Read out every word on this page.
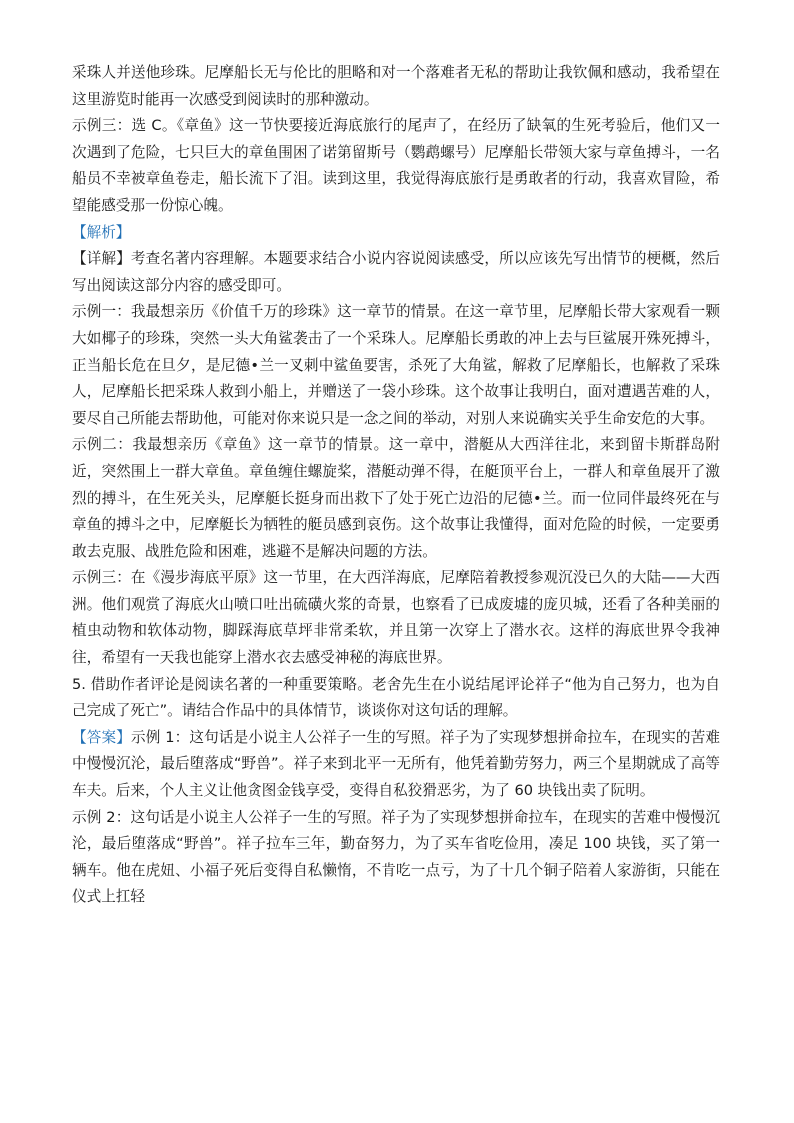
采珠人并送他珍珠。尼摩船长无与伦比的胆略和对一个落难者无私的帮助让我钦佩和感动，我希望在这里游览时能再一次感受到阅读时的那种激动。

示例三：选 C。《章鱼》这一节快要接近海底旅行的尾声了，在经历了缺氧的生死考验后，他们又一次遇到了危险，七只巨大的章鱼围困了诺第留斯号（鹦鹉螺号）尼摩船长带领大家与章鱼搏斗，一名船员不幸被章鱼卷走，船长流下了泪。读到这里，我觉得海底旅行是勇敢者的行动，我喜欢冒险，希望能感受那一份惊心魄。

【解析】

【详解】考查名著内容理解。本题要求结合小说内容说阅读感受，所以应该先写出情节的梗概，然后写出阅读这部分内容的感受即可。

示例一：我最想亲历《价值千万的珍珠》这一章节的情景。在这一章节里，尼摩船长带大家观看一颗大如椰子的珍珠，突然一头大角鲨袭击了一个采珠人。尼摩船长勇敢的冲上去与巨鲨展开殊死搏斗，正当船长危在旦夕，是尼德•兰一叉刺中鲨鱼要害，杀死了大角鲨，解救了尼摩船长，也解救了采珠人，尼摩船长把采珠人救到小船上，并赠送了一袋小珍珠。这个故事让我明白，面对遭遇苦难的人，要尽自己所能去帮助他，可能对你来说只是一念之间的举动，对别人来说确实关乎生命安危的大事。

示例二：我最想亲历《章鱼》这一章节的情景。这一章中，潜艇从大西洋往北，来到留卡斯群岛附近，突然围上一群大章鱼。章鱼缠住螺旋桨，潜艇动弹不得，在艇顶平台上，一群人和章鱼展开了激烈的搏斗，在生死关头，尼摩艇长挺身而出救下了处于死亡边沿的尼德•兰。而一位同伴最终死在与章鱼的搏斗之中，尼摩艇长为牺牲的艇员感到哀伤。这个故事让我懂得，面对危险的时候，一定要勇敢去克服、战胜危险和困难，逃避不是解决问题的方法。

示例三：在《漫步海底平原》这一节里，在大西洋海底，尼摩陪着教授参观沉没已久的大陆——大西洲。他们观赏了海底火山喷口吐出硫磺火浆的奇景，也察看了已成废墟的庞贝城，还看了各种美丽的植虫动物和软体动物，脚踩海底草坪非常柔软，并且第一次穿上了潜水衣。这样的海底世界令我神往，希望有一天我也能穿上潜水衣去感受神秘的海底世界。

5. 借助作者评论是阅读名著的一种重要策略。老舍先生在小说结尾评论祥子“他为自己努力，也为自己完成了死亡”。请结合作品中的具体情节，谈谈你对这句话的理解。

【答案】示例 1：这句话是小说主人公祥子一生的写照。祥子为了实现梦想拼命拉车，在现实的苦难中慢慢沉沦，最后堕落成“野兽”。祥子来到北平一无所有，他凭着勤劳努力，两三个星期就成了高等车夫。后来，个人主义让他贪图金钱享受，变得自私狡猾恶劣，为了 60 块钱出卖了阮明。

示例 2：这句话是小说主人公祥子一生的写照。祥子为了实现梦想拼命拉车，在现实的苦难中慢慢沉沦，最后堕落成“野兽”。祥子拉车三年，勤奋努力，为了买车省吃俭用，凑足 100 块钱，买了第一辆车。他在虎妞、小福子死后变得自私懒惰，不肯吃一点亏，为了十几个铜子陪着人家游街，只能在仪式上扛轻
